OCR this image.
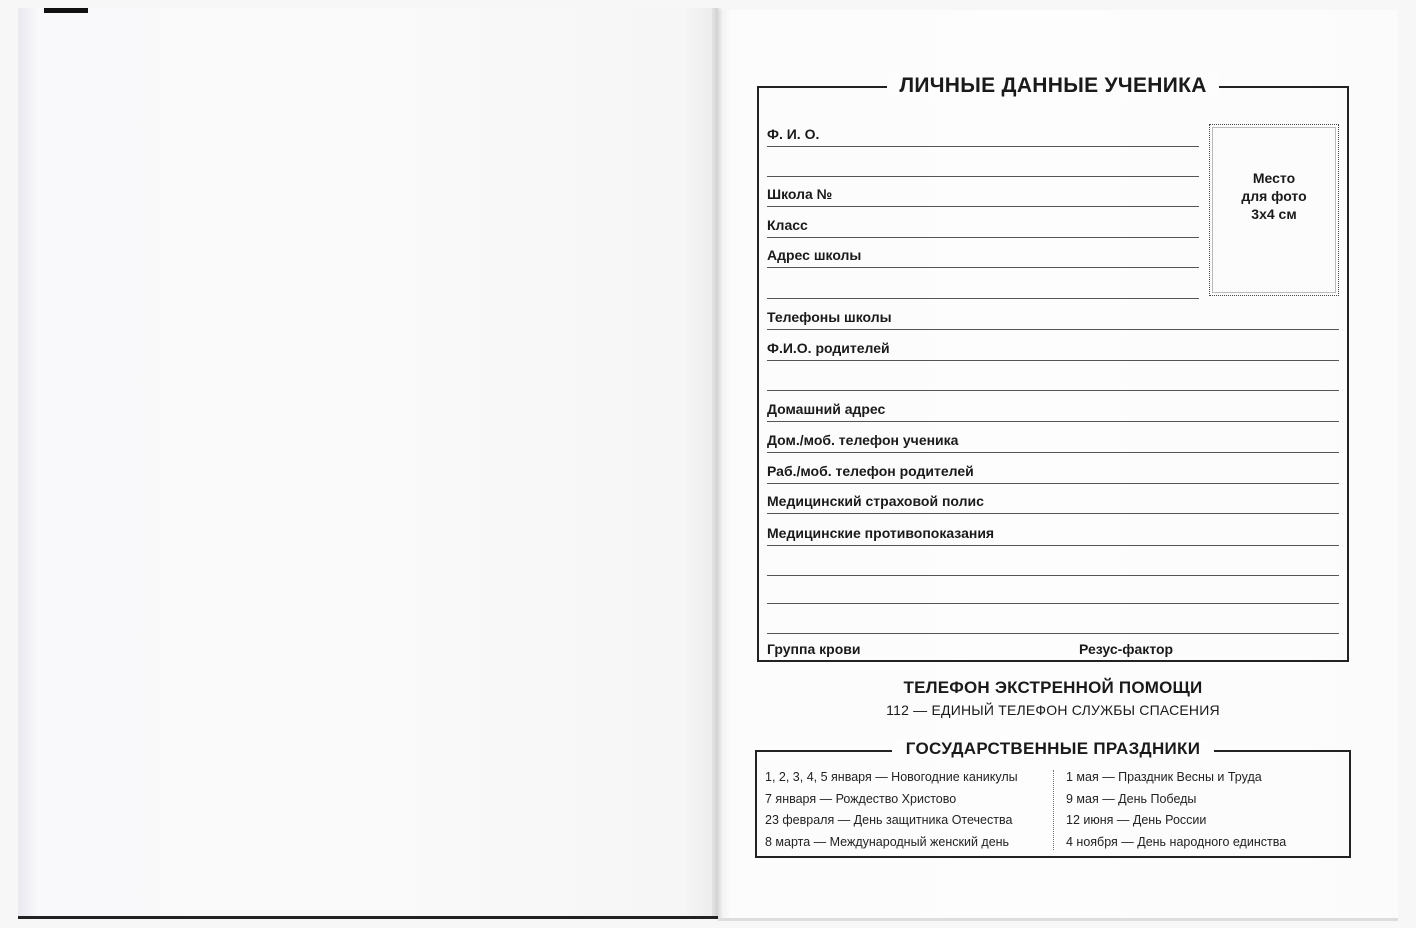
ЛИЧНЫЕ ДАННЫЕ УЧЕНИКА
Ф. И. О.
Школа №
Класс
Адрес школы
Место
для фото
3х4 см
Телефоны школы
Ф.И.О. родителей
Домашний адрес
Дом./моб. телефон ученика
Раб./моб. телефон родителей
Медицинский страховой полис
Медицинские противопоказания
Группа крови	Резус-фактор
ТЕЛЕФОН ЭКСТРЕННОЙ ПОМОЩИ
112 — ЕДИНЫЙ ТЕЛЕФОН СЛУЖБЫ СПАСЕНИЯ
ГОСУДАРСТВЕННЫЕ ПРАЗДНИКИ
1, 2, 3, 4, 5 января — Новогодние каникулы
7 января — Рождество Христово
23 февраля — День защитника Отечества
8 марта — Международный женский день
1 мая — Праздник Весны и Труда
9 мая — День Победы
12 июня — День России
4 ноября — День народного единства
